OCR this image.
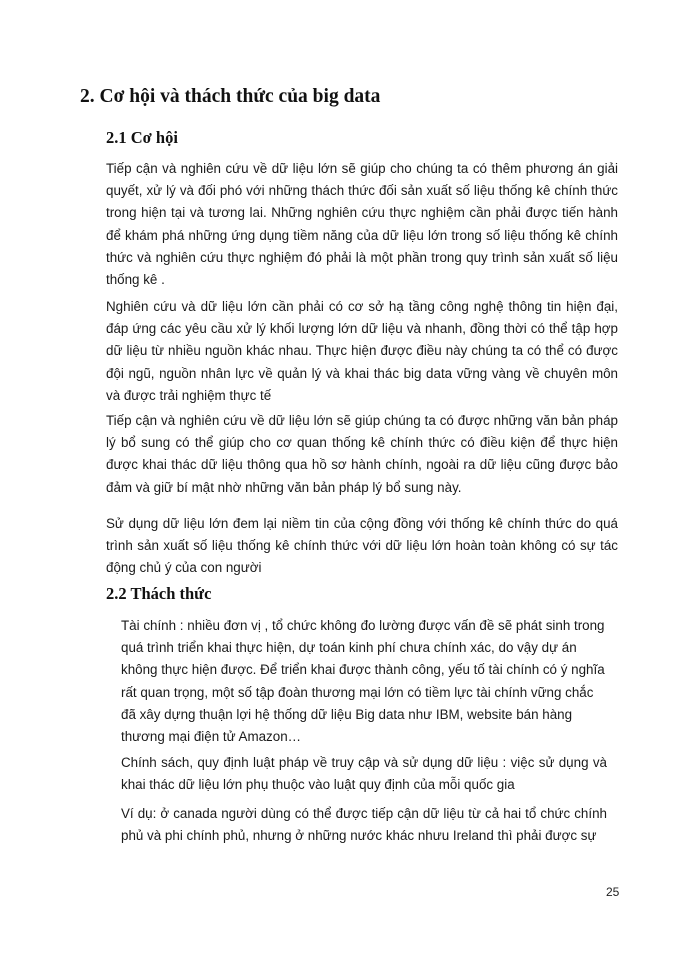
2. Cơ hội và thách thức của big data
2.1 Cơ hội

Tiếp cận và nghiên cứu về dữ liệu lớn sẽ giúp cho chúng ta có thêm phương án giải quyết, xử lý và đối phó với những thách thức đối sản xuất số liệu thống kê chính thức trong hiện tại và tương lai. Những nghiên cứu thực nghiệm cần phải được tiến hành để khám phá những ứng dụng tiềm năng của dữ liệu lớn trong số liệu thống kê chính thức và nghiên cứu thực nghiệm đó phải là một phần trong quy trình sản xuất số liệu thống kê .

Nghiên cứu và dữ liệu lớn cần phải có cơ sở hạ tầng công nghệ thông tin hiện đại, đáp ứng các yêu cầu xử lý khối lượng lớn dữ liệu và nhanh, đồng thời có thể tập hợp dữ liệu từ nhiều nguồn khác nhau. Thực hiện được điều này chúng ta có thể có được đội ngũ, nguồn nhân lực về quản lý và khai thác big data vững vàng về chuyên môn và được trải nghiệm thực tế

Tiếp cận và nghiên cứu về dữ liệu lớn sẽ giúp chúng ta có được những văn bản pháp lý bổ sung có thể giúp cho cơ quan thống kê chính thức có điều kiện để thực hiện được khai thác dữ liệu thông qua hồ sơ hành chính, ngoài ra dữ liệu cũng được bảo đảm và giữ bí mật nhờ những văn bản pháp lý bổ sung này.

Sử dụng dữ liệu lớn đem lại niềm tin của cộng đồng với thống kê chính thức do quá trình sản xuất số liệu thống kê chính thức với dữ liệu lớn hoàn toàn không có sự tác động chủ ý của con người

2.2 Thách thức

Tài chính : nhiều đơn vị , tổ chức không đo lường được vấn đề sẽ phát sinh trong quá trình triển khai thực hiện, dự toán kinh phí chưa chính xác, do vậy dự án không thực hiện được. Để triển khai được thành công, yếu tố tài chính có ý nghĩa rất quan trọng, một số tập đoàn thương mại lớn có tiềm lực tài chính vững chắc đã xây dựng thuận lợi hệ thống dữ liệu Big data như IBM, website bán hàng thương mại điện tử Amazon…

Chính sách, quy định luật pháp về truy cập và sử dụng dữ liệu : việc sử dụng và khai thác dữ liệu lớn phụ thuộc vào luật quy định của mỗi quốc gia

Ví dụ: ở canada người dùng có thể được tiếp cận dữ liệu từ cả hai tổ chức chính phủ và phi chính phủ, nhưng ở những nước khác nhưu Ireland thì phải được sự

25
